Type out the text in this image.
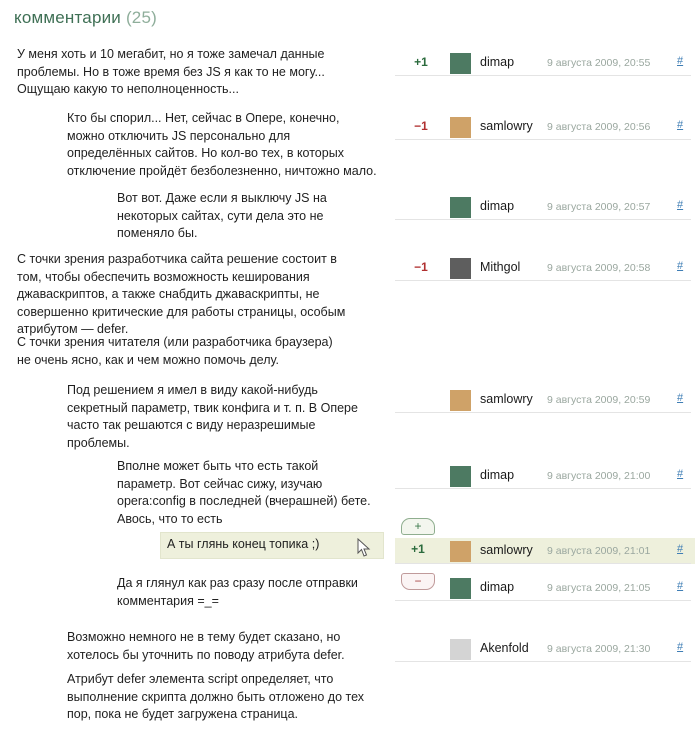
комментарии (25)
У меня хоть и 10 мегабит, но я тоже замечал данные проблемы. Но в тоже время без JS я как то не могу... Ощущаю какую то неполноценность...
Кто бы спорил... Нет, сейчас в Опере, конечно, можно отключить JS персонально для определённых сайтов. Но кол-во тех, в которых отключение пройдёт безболезненно, ничтожно мало.
Вот вот. Даже если я выключу JS на некоторых сайтах, сути дела это не поменяло бы.
С точки зрения разработчика сайта решение состоит в том, чтобы обеспечить возможность кеширования джаваскриптов, а также снабдить джаваскрипты, не совершенно критические для работы страницы, особым атрибутом — defer.
С точки зрения читателя (или разработчика браузера) не очень ясно, как и чем можно помочь делу.
Под решением я имел в виду какой-нибудь секретный параметр, твик конфига и т. п. В Опере часто так решаются с виду неразрешимые проблемы.
Вполне может быть что есть такой параметр. Вот сейчас сижу, изучаю opera:config в последней (вчерашней) бете. Авось, что то есть
А ты глянь конец топика ;)
Да я глянул как раз сразу после отправки комментария =_=
Возможно немного не в тему будет сказано, но хотелось бы уточнить по поводу атрибута defer.
Атрибут defer элемента script определяет, что выполнение скрипта должно быть отложено до тех пор, пока не будет загружена страница.
+1	dimap	9 августа 2009, 20:55 #
−1	samlowry 9 августа 2009, 20:56 #
dimap	9 августа 2009, 20:57 #
−1	Mithgol	9 августа 2009, 20:58 #
samlowry 9 августа 2009, 20:59 #
dimap	9 августа 2009, 21:00 #
samlowry 9 августа 2009, 21:01 #
dimap	9 августа 2009, 21:05 #
Akenfold 9 августа 2009, 21:30 #
+
+1
−
